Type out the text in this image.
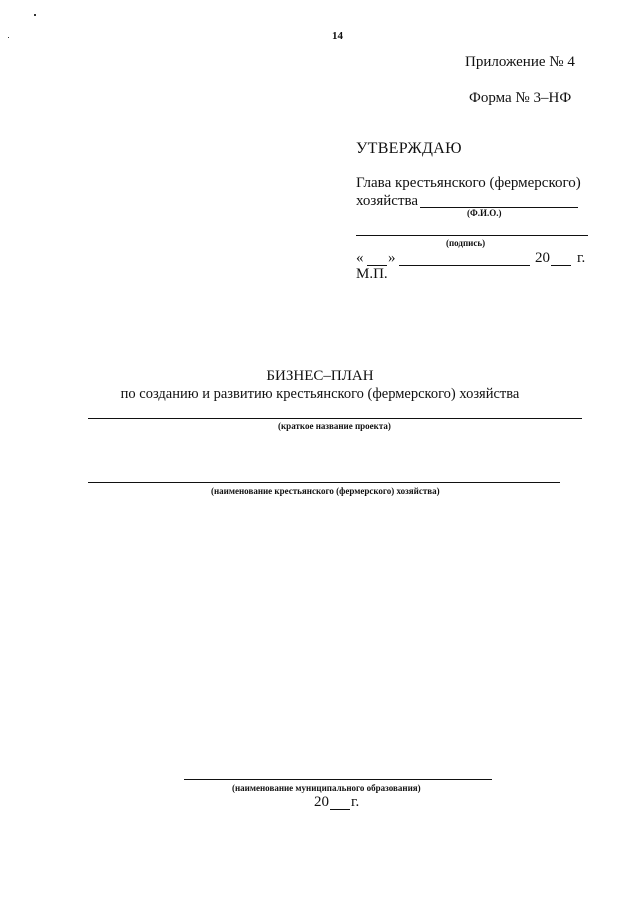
14
Приложение № 4
Форма № 3–НФ
УТВЕРЖДАЮ
Глава крестьянского (фермерского)
хозяйства
(Ф.И.О.)
(подпись)
« »	20 г.
М.П.
БИЗНЕС–ПЛАН
по созданию и развитию крестьянского (фермерского) хозяйства
(краткое название проекта)
(наименование крестьянского (фермерского) хозяйства)
(наименование муниципального образования)
20 г.
